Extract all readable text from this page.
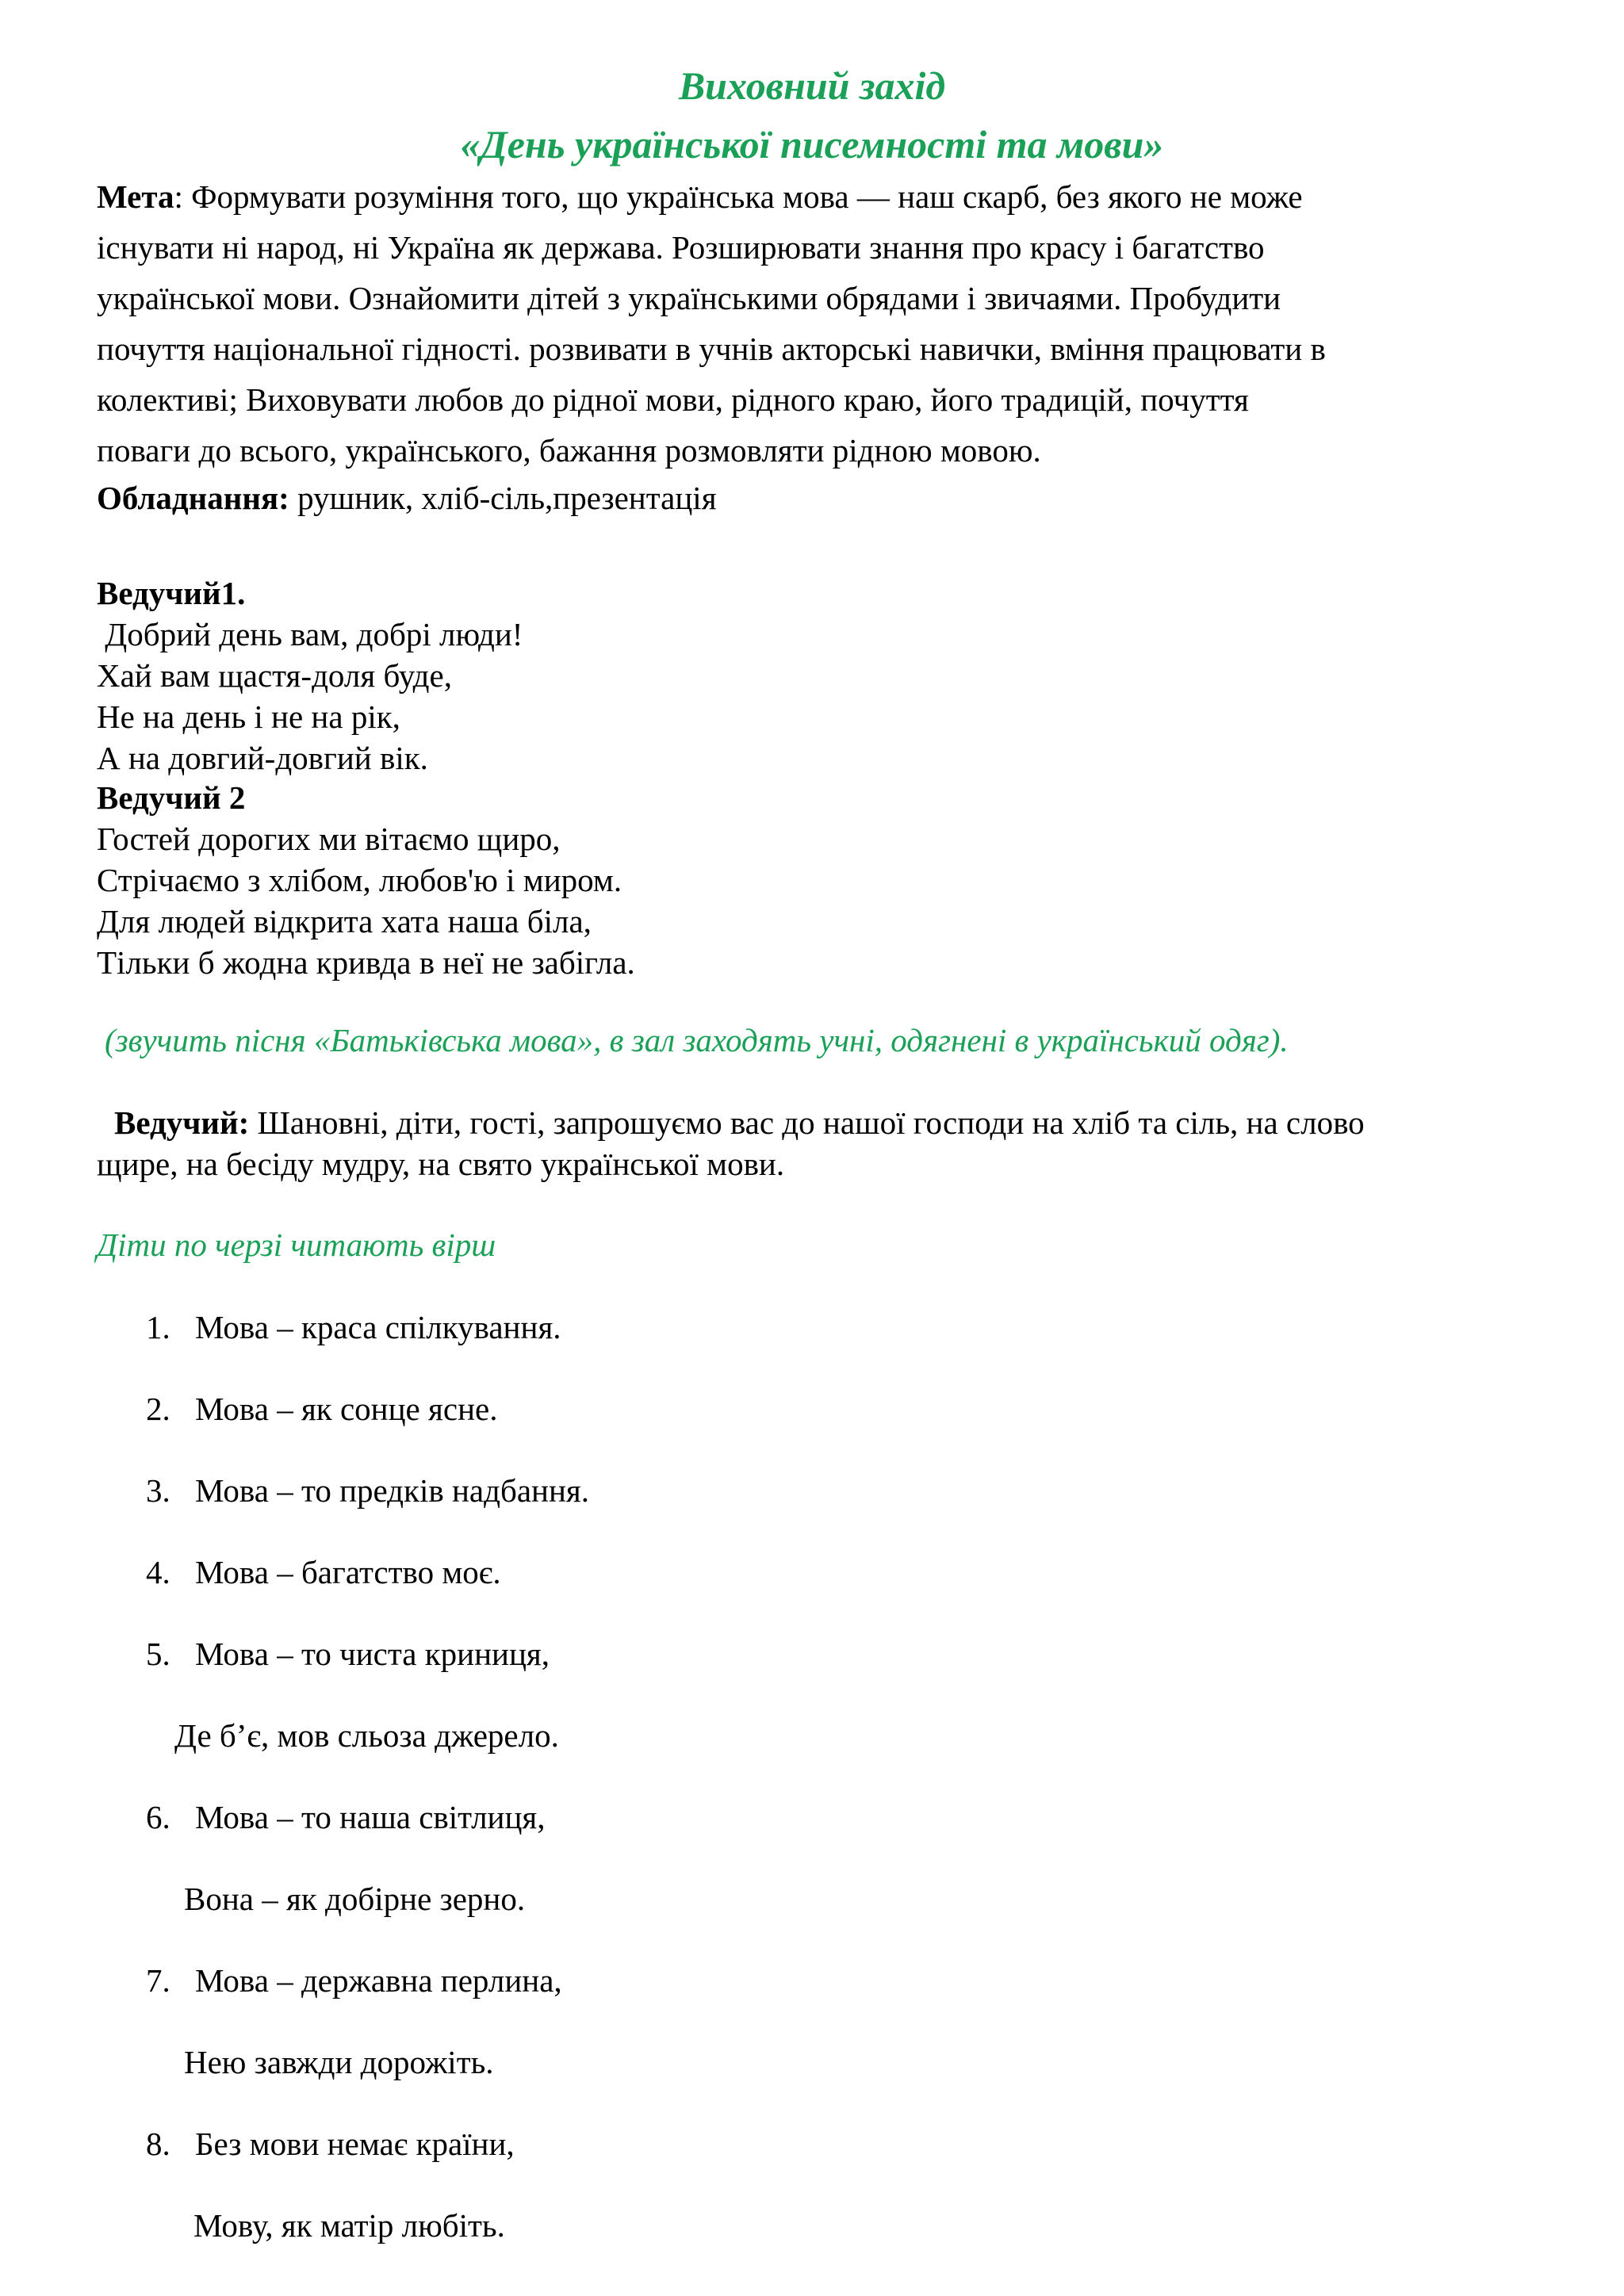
Виховний захід
«День української писемності та мови»
Мета: Формувати розуміння того, що українська мова — наш скарб, без якого не може
існувати ні народ, ні Україна як держава. Розширювати знання про красу і багатство
української мови. Ознайомити дітей з українськими обрядами і звичаями. Пробудити
почуття національної гідності. розвивати в учнів акторські навички, вміння працювати в
колективі; Виховувати любов до рідної мови, рідного краю, його традицій, почуття
поваги до всього, українського, бажання розмовляти рідною мовою.
Обладнання: рушник, хліб-сіль,презентація
Ведучий1.
Добрий день вам, добрі люди!
Хай вам щастя-доля буде,
Не на день і не на рік,
А на довгий-довгий вік.
Ведучий 2
Гостей дорогих ми вітаємо щиро,
Стрічаємо з хлібом, любов'ю і миром.
Для людей відкрита хата наша біла,
Тільки б жодна кривда в неї не забігла.
(звучить пісня «Батьківська мова», в зал заходять учні, одягнені в український одяг).
Ведучий: Шановні, діти, гості, запрошуємо вас до нашої господи на хліб та сіль, на слово
щире, на бесіду мудру, на свято української мови.
Діти по черзі читають вірш
1. Мова – краса спілкування.
2. Мова – як сонце ясне.
3. Мова – то предків надбання.
4. Мова – багатство моє.
5. Мова – то чиста криниця,
Де б’є, мов сльоза джерело.
6. Мова – то наша світлиця,
Вона – як добірне зерно.
7. Мова – державна перлина,
Нею завжди дорожіть.
8. Без мови немає країни,
Мову, як матір любіть.
